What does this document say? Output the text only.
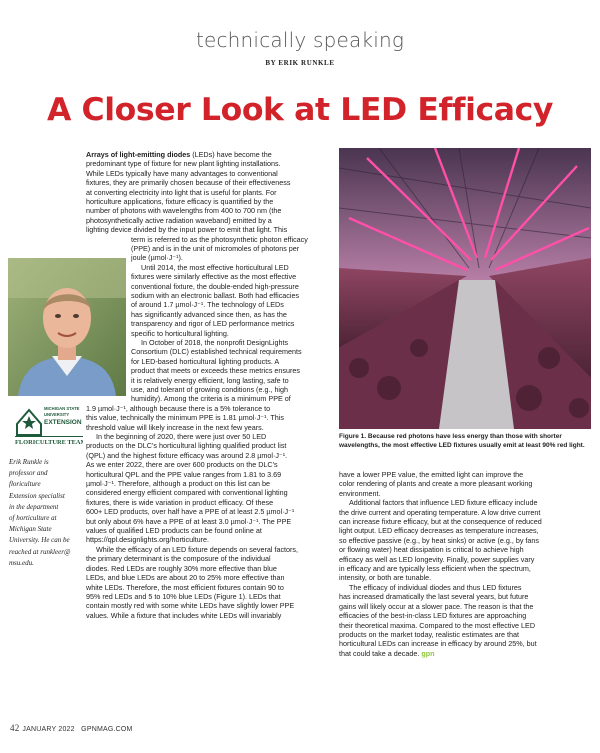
technically speaking
BY ERIK RUNKLE
A Closer Look at LED Efficacy
MICHIGAN STATE
UNIVERSITY
EXTENSION
FLORICULTURE TEAM
Erik Runkle is
professor and
floriculture
Extension specialist
in the department
of horticulture at
Michigan State
University. He can be
reached at runkleer@
msu.edu.
Arrays of light-emitting diodes (LEDs) have become the
predominant type of fixture for new plant lighting installations.
While LEDs typically have many advantages to conventional
fixtures, they are primarily chosen because of their effectiveness
at converting electricity into light that is useful for plants. For
horticulture applications, fixture efficacy is quantified by the
number of photons with wavelengths from 400 to 700 nm (the
photosynthetically active radiation waveband) emitted by a
lighting device divided by the input power to emit that light. This
term is referred to as the photosynthetic photon efficacy
(PPE) and is in the unit of micromoles of photons per
joule (µmol·J⁻¹).
Until 2014, the most effective horticultural LED
fixtures were similarly effective as the most effective
conventional fixture, the double-ended high-pressure
sodium with an electronic ballast. Both had efficacies
of around 1.7 µmol·J⁻¹. The technology of LEDs
has significantly advanced since then, as has the
transparency and rigor of LED performance metrics
specific to horticultural lighting.
In October of 2018, the nonprofit DesignLights
Consortium (DLC) established technical requirements
for LED-based horticultural lighting products. A
product that meets or exceeds these metrics ensures
it is relatively energy efficient, long lasting, safe to
use, and tolerant of growing conditions (e.g., high
humidity). Among the criteria is a minimum PPE of
1.9 µmol·J⁻¹, although because there is a 5% tolerance to
this value, technically the minimum PPE is 1.81 µmol·J⁻¹. This
threshold value will likely increase in the next few years.
In the beginning of 2020, there were just over 50 LED
products on the DLC’s horticultural lighting qualified product list
(QPL) and the highest fixture efficacy was around 2.8 µmol·J⁻¹.
As we enter 2022, there are over 600 products on the DLC’s
horticultural QPL and the PPE value ranges from 1.81 to 3.69
µmol·J⁻¹. Therefore, although a product on this list can be
considered energy efficient compared with conventional lighting
fixtures, there is wide variation in product efficacy. Of these
600+ LED products, over half have a PPE of at least 2.5 µmol·J⁻¹
but only about 6% have a PPE of at least 3.0 µmol·J⁻¹. The PPE
values of qualified LED products can be found online at
https://qpl.designlights.org/horticulture.
While the efficacy of an LED fixture depends on several factors,
the primary determinant is the composure of the individual
diodes. Red LEDs are roughly 30% more effective than blue
LEDs, and blue LEDs are about 20 to 25% more effective than
white LEDs. Therefore, the most efficient fixtures contain 90 to
95% red LEDs and 5 to 10% blue LEDs (Figure 1). LEDs that
contain mostly red with some white LEDs have slightly lower PPE
values. While a fixture that includes white LEDs will invariably
Figure 1. Because red photons have less energy than those with shorter wavelengths, the most effective LED fixtures usually emit at least 90% red light.
have a lower PPE value, the emitted light can improve the
color rendering of plants and create a more pleasant working
environment.
Additional factors that influence LED fixture efficacy include
the drive current and operating temperature. A low drive current
can increase fixture efficacy, but at the consequence of reduced
light output. LED efficacy decreases as temperature increases,
so effective passive (e.g., by heat sinks) or active (e.g., by fans
or flowing water) heat dissipation is critical to achieve high
efficacy as well as LED longevity. Finally, power supplies vary
in efficacy and are typically less efficient when the spectrum,
intensity, or both are tunable.
The efficacy of individual diodes and thus LED fixtures
has increased dramatically the last several years, but future
gains will likely occur at a slower pace. The reason is that the
efficacies of the best-in-class LED fixtures are approaching
their theoretical maxima. Compared to the most effective LED
products on the market today, realistic estimates are that
horticultural LEDs can increase in efficacy by around 25%, but
that could take a decade. gpn
42 JANUARY 2022   GPNMAG.COM
